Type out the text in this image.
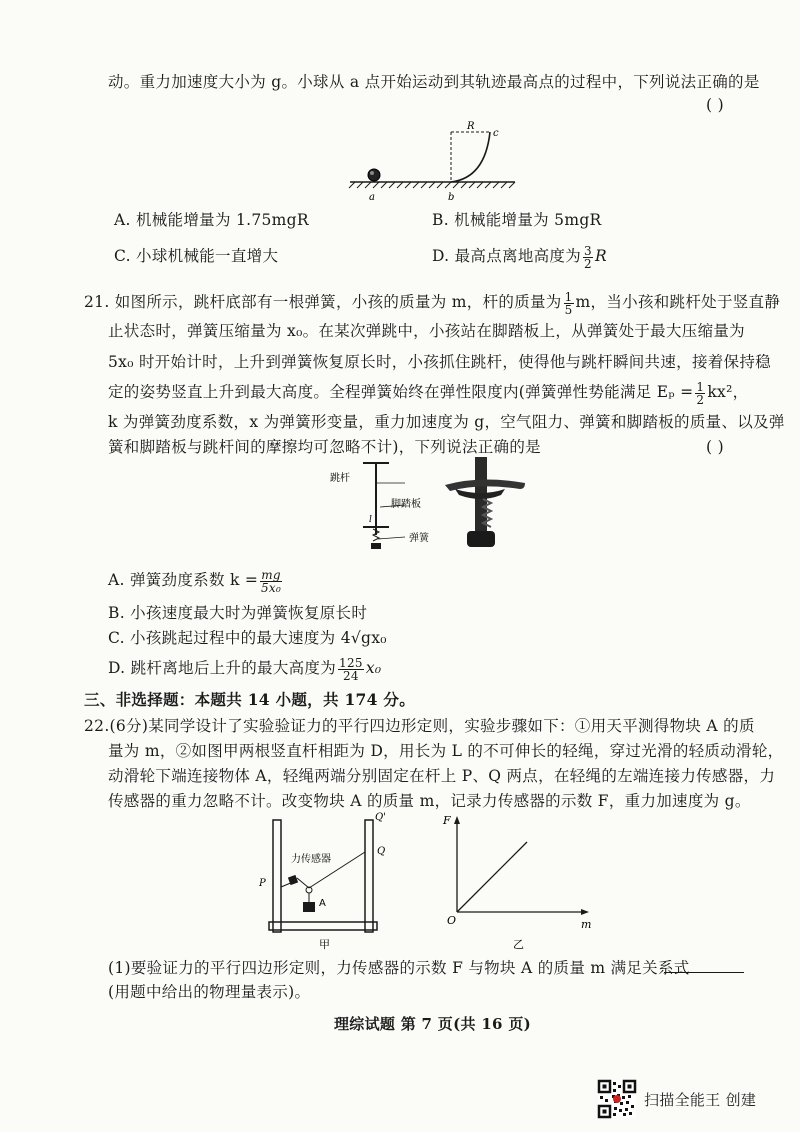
动。重力加速度大小为 g。小球从 a 点开始运动到其轨迹最高点的过程中，下列说法正确的是
( )
R
c
a	b
A. 机械能增量为 1.75mgR	B. 机械能增量为 5mgR
C. 小球机械能一直增大	D. 最高点离地高度为 $\frac{3}{2}$ R
21. 如图所示，跳杆底部有一根弹簧，小孩的质量为 m，杆的质量为 $\frac{1}{5}$ m，当小孩和跳杆处于竖直静
止状态时，弹簧压缩量为 x₀。在某次弹跳中，小孩站在脚踏板上，从弹簧处于最大压缩量为
5x₀ 时开始计时，上升到弹簧恢复原长时，小孩抓住跳杆，使得他与跳杆瞬间共速，接着保持稳
定的姿势竖直上升到最大高度。全程弹簧始终在弹性限度内(弹簧弹性势能满足 $E_p = \frac{1}{2} kx^2$，
k 为弹簧劲度系数，x 为弹簧形变量，重力加速度为 g，空气阻力、弹簧和脚踏板的质量、以及弹
簧和脚踏板与跳杆间的摩擦均可忽略不计)，下列说法正确的是	( )
跳杆
脚踏板
弹簧
l
A. 弹簧劲度系数 $k = \frac{mg}{\text{5x₀}}$
B. 小孩速度最大时为弹簧恢复原长时
C. 小孩跳起过程中的最大速度为 4√gx₀
D. 跳杆离地后上升的最大高度为 $\frac{125}{24} x_0$
三、非选择题：本题共 14 小题，共 174 分。
22.(6分)某同学设计了实验验证力的平行四边形定则，实验步骤如下：①用天平测得物块 A 的质
量为 m，②如图甲两根竖直杆相距为 D，用长为 L 的不可伸长的轻绳，穿过光滑的轻质动滑轮，
动滑轮下端连接物体 A，轻绳两端分别固定在杆上 P、Q 两点，在轻绳的左端连接力传感器，力
传感器的重力忽略不计。改变物块 A 的质量 m，记录力传感器的示数 F，重力加速度为 g。
Q'
Q
P
力传感器
A
甲
F
O	m
乙
(1)要验证力的平行四边形定则，力传感器的示数 F 与物块 A 的质量 m 满足关系式
(用题中给出的物理量表示)。
理综试题 第 7 页(共 16 页)
扫描全能王 创建
